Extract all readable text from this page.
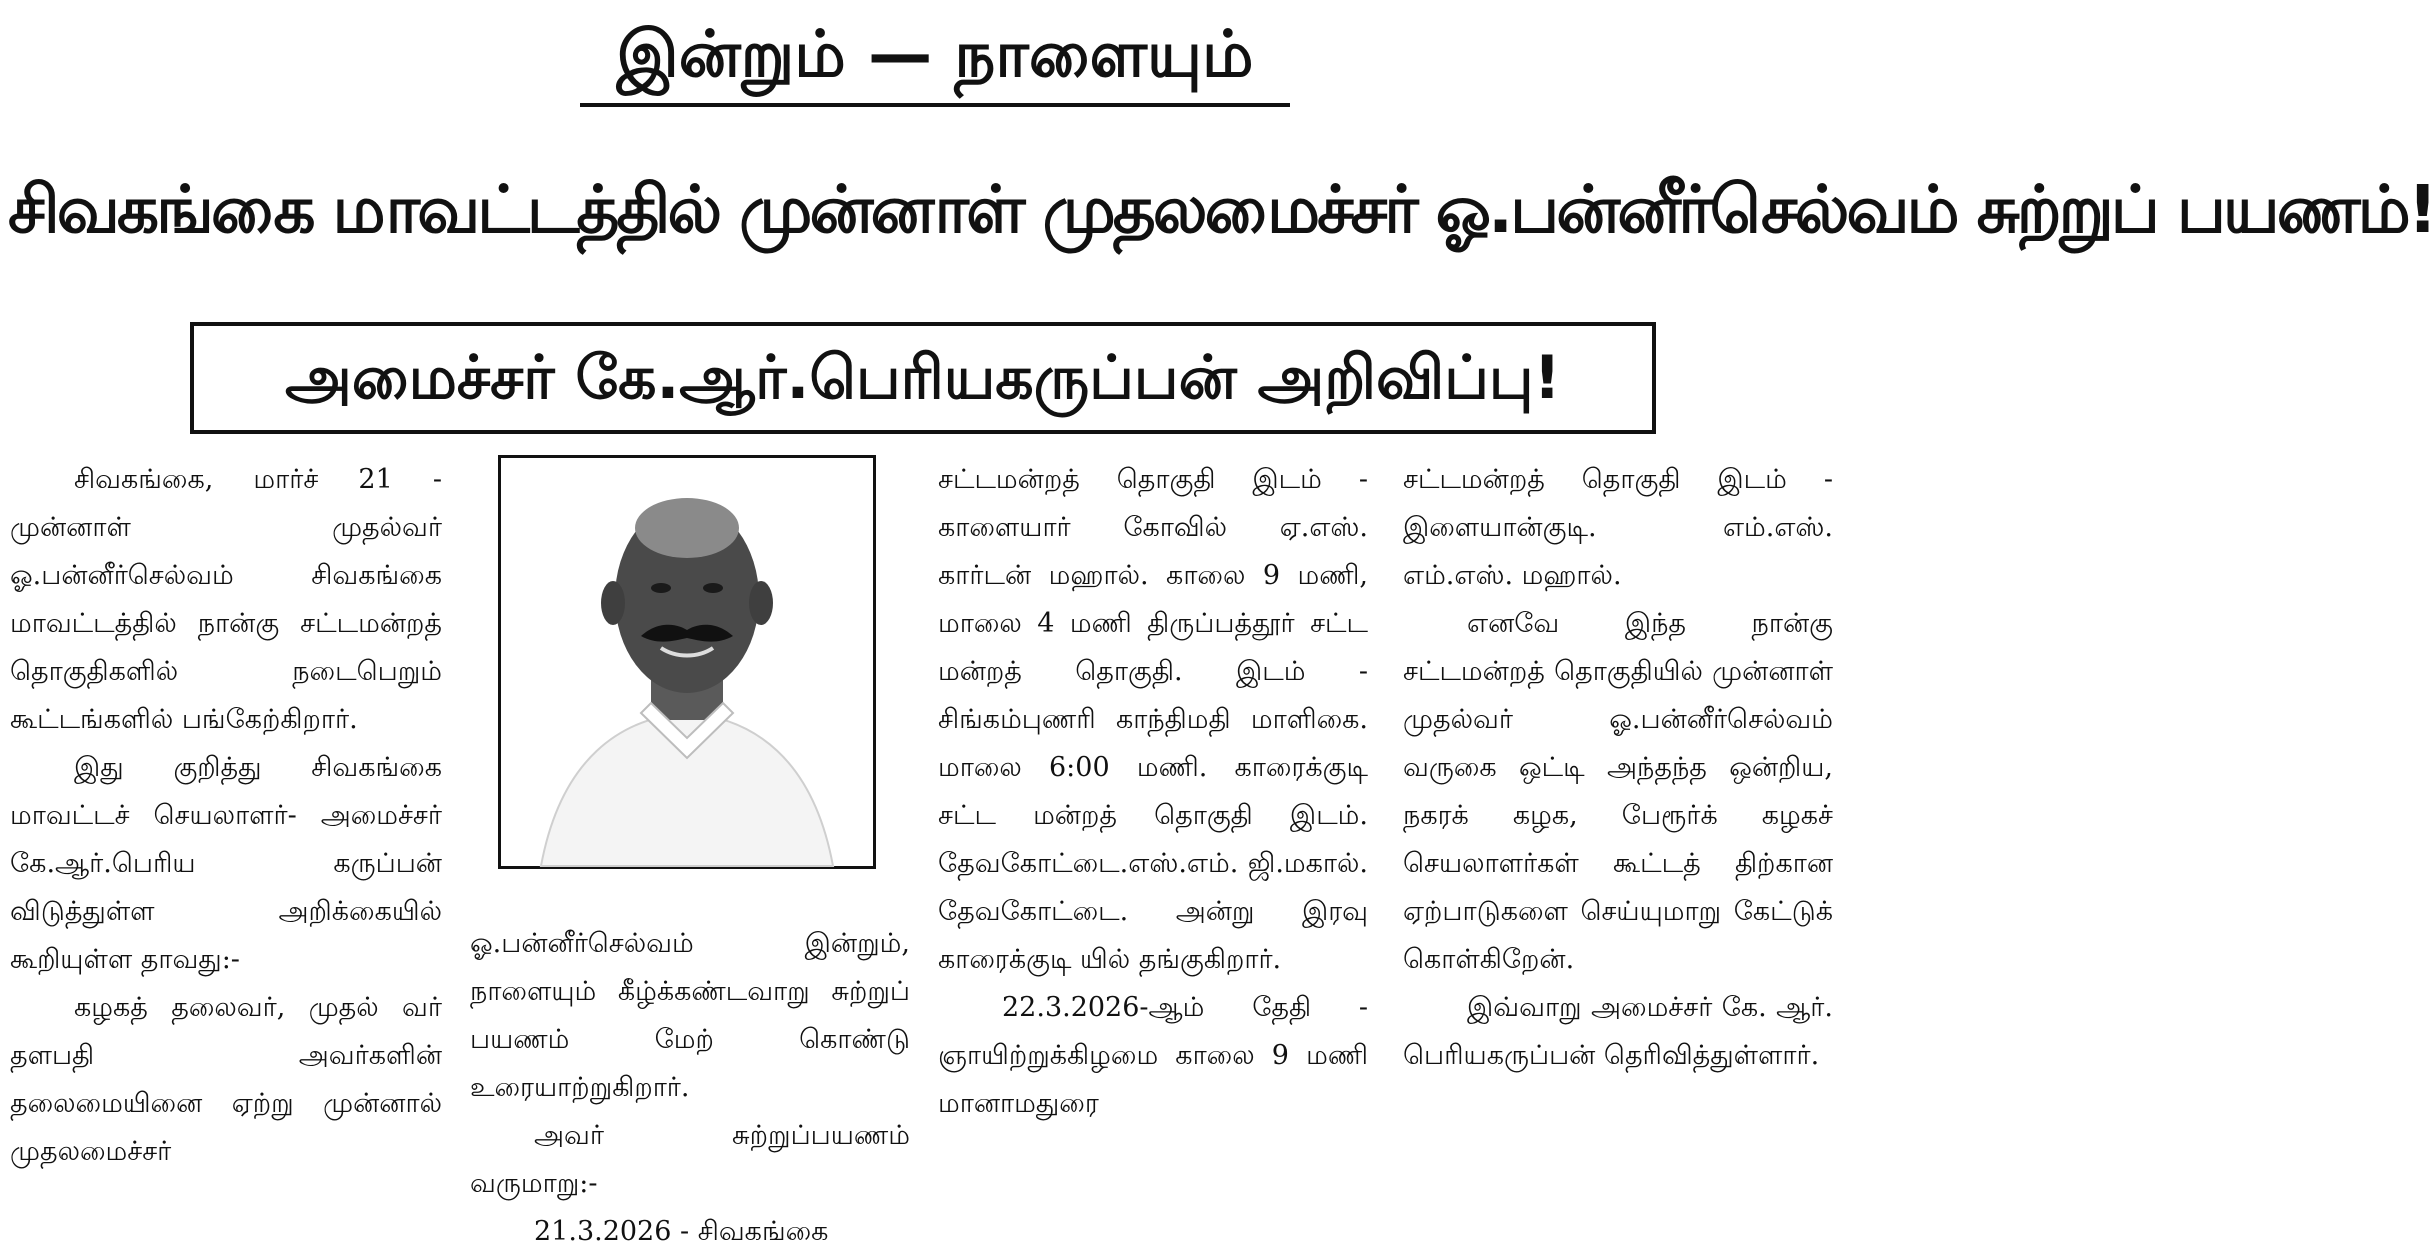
இன்றும் — நாளையும்
சிவகங்கை மாவட்டத்தில் முன்னாள் முதலமைச்சர் ஓ.பன்னீர்செல்வம் சுற்றுப் பயணம்!
அமைச்சர் கே.ஆர்.பெரியகருப்பன் அறிவிப்பு!

சிவகங்கை, மார்ச் 21 - முன்னாள் முதல்வர் ஓ.பன்னீர்செல்வம் சிவகங்கை மாவட்டத்தில் நான்கு சட்டமன்றத் தொகுதிகளில் நடைபெறும் கூட்டங்களில் பங்கேற்கிறார்.

இது குறித்து சிவகங்கை மாவட்டச் செயலாளர்- அமைச்சர் கே.ஆர்.பெரிய கருப்பன் விடுத்துள்ள அறிக்கையில் கூறியுள்ள தாவது:-

கழகத் தலைவர், முதல் வர் தளபதி அவர்களின் தலைமையினை ஏற்று முன்னால் முதலமைச்சர்

ஓ.பன்னீர்செல்வம் இன்றும், நாளையும் கீழ்க்கண்டவாறு சுற்றுப் பயணம் மேற் கொண்டு உரையாற்றுகிறார்.

அவர் சுற்றுப்பயணம் வருமாறு:-

21.3.2026 - சிவகங்கை

சட்டமன்றத் தொகுதி இடம் - காளையார் கோவில் ஏ.எஸ். கார்டன் மஹால். காலை 9 மணி, மாலை 4 மணி திருப்பத்தூர் சட்ட மன்றத் தொகுதி. இடம் - சிங்கம்புணரி காந்திமதி மாளிகை. மாலை 6:00 மணி. காரைக்குடி சட்ட மன்றத் தொகுதி இடம். தேவகோட்டை.எஸ்.எம். ஜி.மகால். தேவகோட்டை. அன்று இரவு காரைக்குடி யில் தங்குகிறார்.

22.3.2026-ஆம் தேதி - ஞாயிற்றுக்கிழமை காலை 9 மணி மானாமதுரை

சட்டமன்றத் தொகுதி இடம் - இளையான்குடி. எம்.எஸ். எம்.எஸ். மஹால்.

எனவே இந்த நான்கு சட்டமன்றத் தொகுதியில் முன்னாள் முதல்வர் ஓ.பன்னீர்செல்வம் வருகை ஒட்டி அந்தந்த ஒன்றிய, நகரக் கழக, பேரூர்க் கழகச் செயலாளர்கள் கூட்டத் திற்கான ஏற்பாடுகளை செய்யுமாறு கேட்டுக் கொள்கிறேன்.

இவ்வாறு அமைச்சர் கே. ஆர். பெரியகருப்பன் தெரிவித்துள்ளார்.
